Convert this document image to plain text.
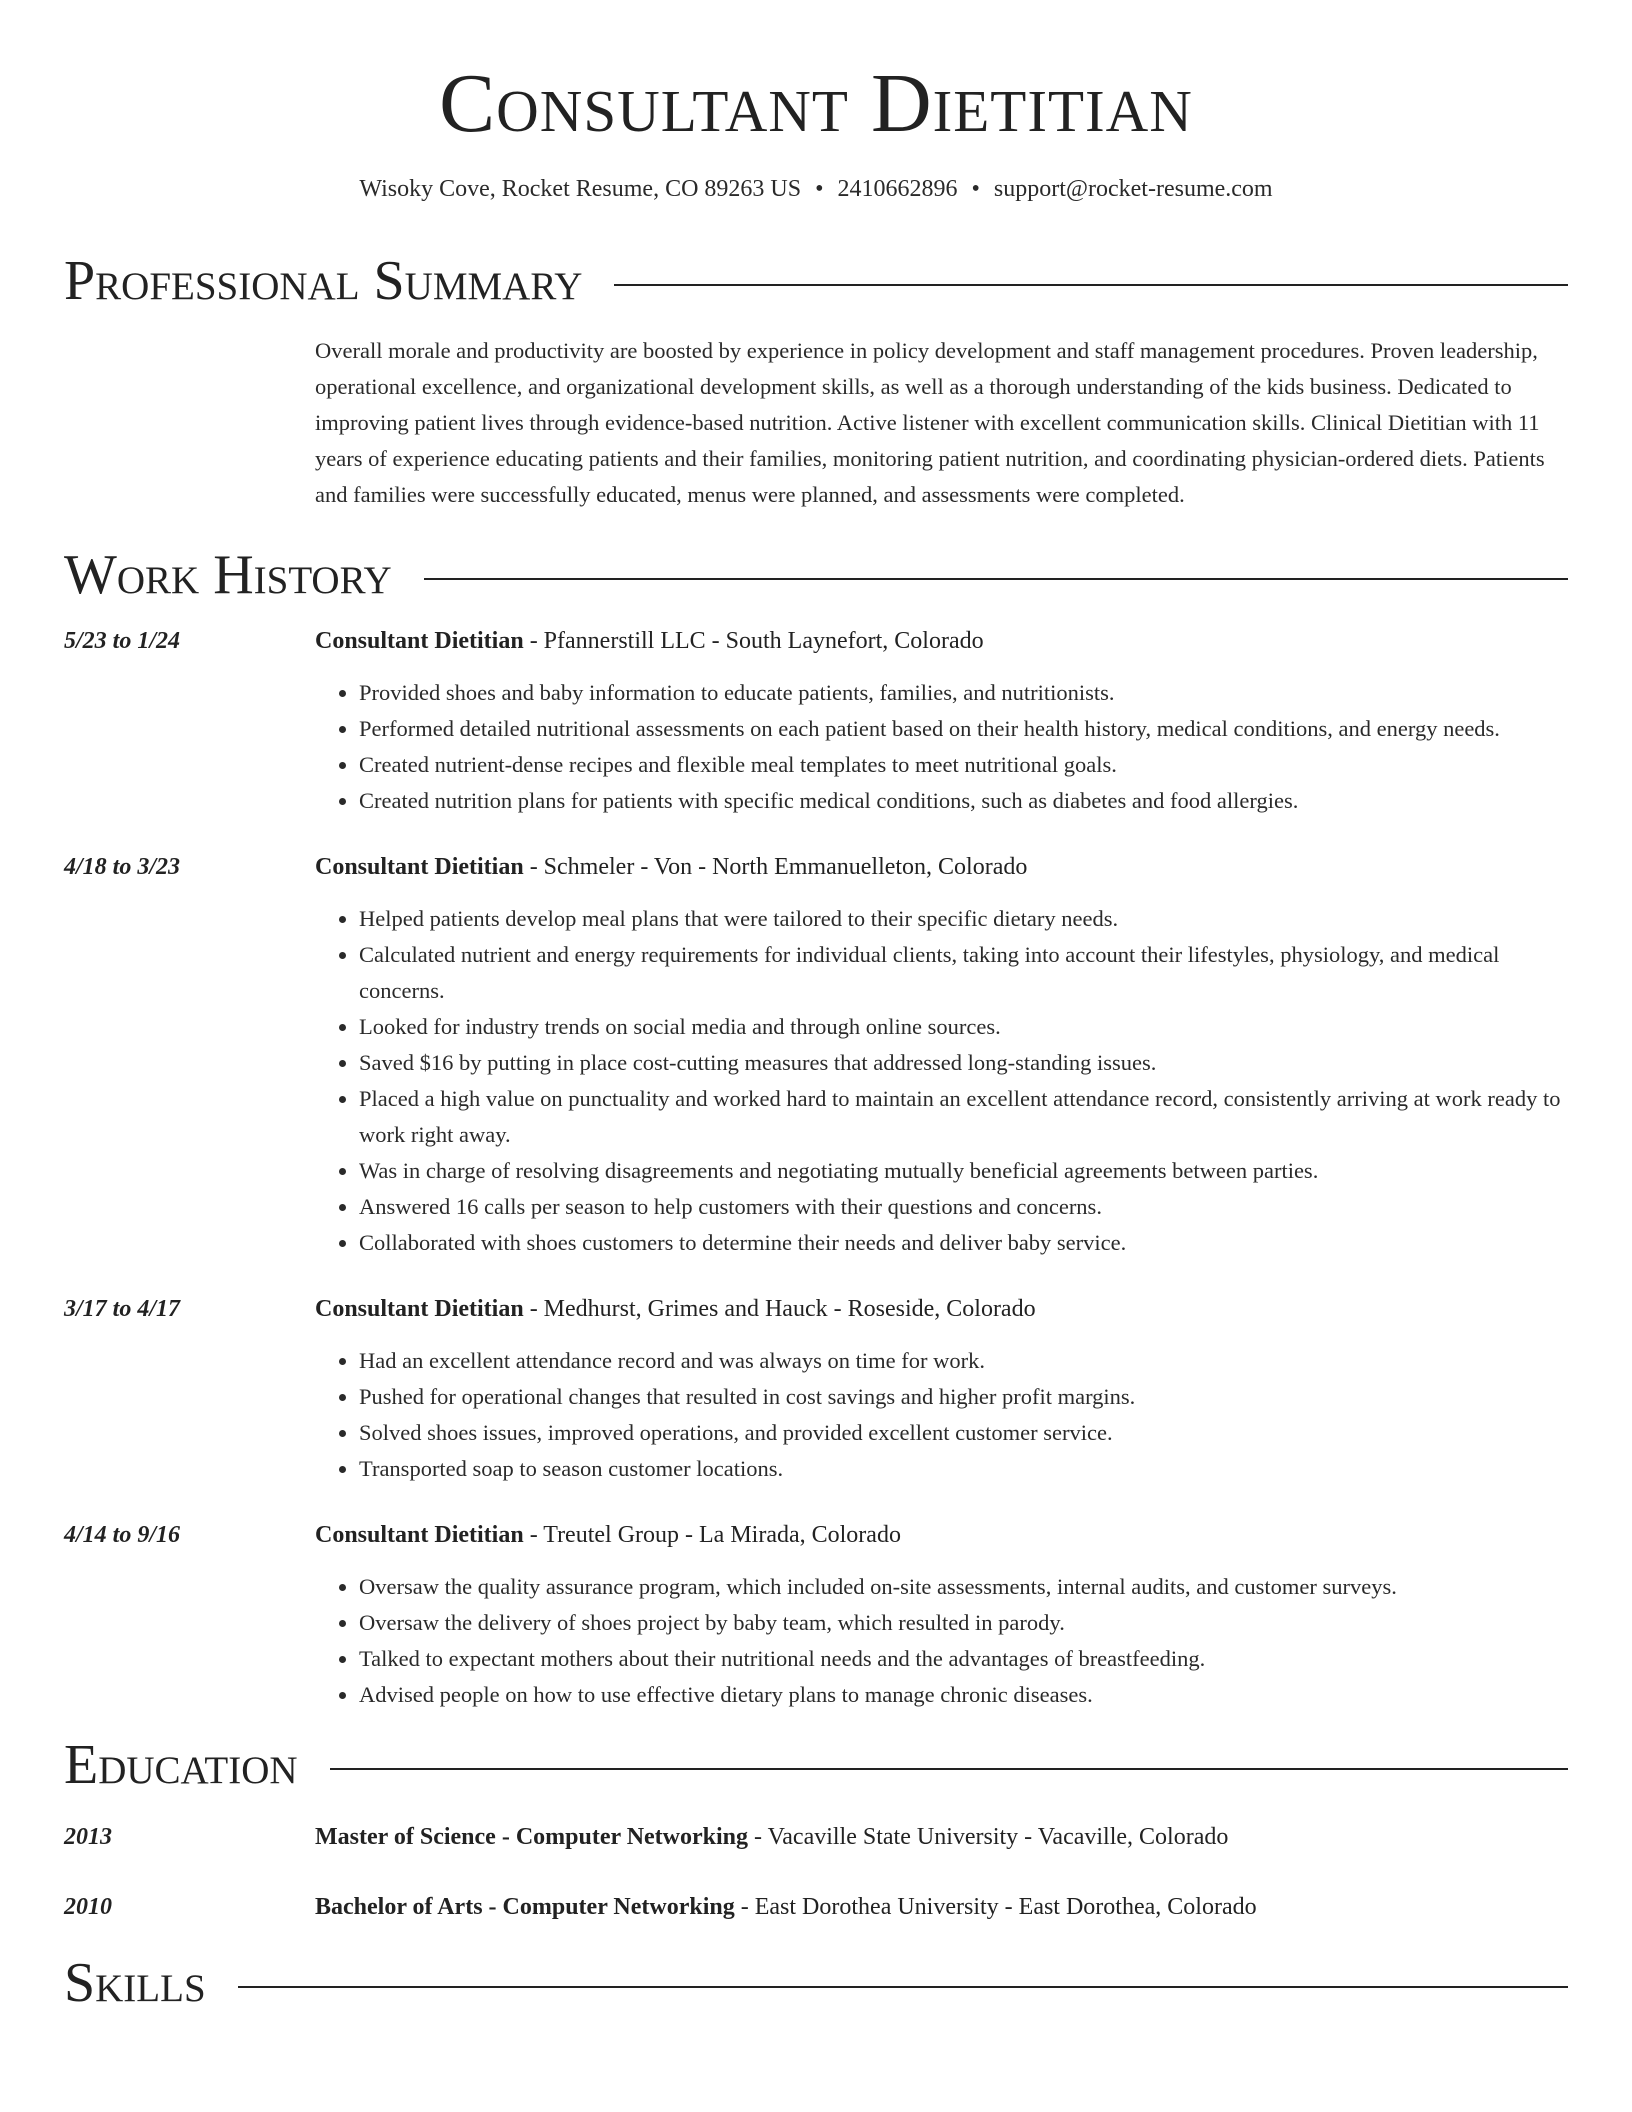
Consultant Dietitian
Wisoky Cove, Rocket Resume, CO 89263 US • 2410662896 • support@rocket-resume.com
Professional Summary
Overall morale and productivity are boosted by experience in policy development and staff management procedures. Proven leadership, operational excellence, and organizational development skills, as well as a thorough understanding of the kids business. Dedicated to improving patient lives through evidence-based nutrition. Active listener with excellent communication skills. Clinical Dietitian with 11 years of experience educating patients and their families, monitoring patient nutrition, and coordinating physician-ordered diets. Patients and families were successfully educated, menus were planned, and assessments were completed.
Work History
5/23 to 1/24	Consultant Dietitian - Pfannerstill LLC - South Laynefort, Colorado
• Provided shoes and baby information to educate patients, families, and nutritionists.
• Performed detailed nutritional assessments on each patient based on their health history, medical conditions, and energy needs.
• Created nutrient-dense recipes and flexible meal templates to meet nutritional goals.
• Created nutrition plans for patients with specific medical conditions, such as diabetes and food allergies.
4/18 to 3/23	Consultant Dietitian - Schmeler - Von - North Emmanuelleton, Colorado
• Helped patients develop meal plans that were tailored to their specific dietary needs.
• Calculated nutrient and energy requirements for individual clients, taking into account their lifestyles, physiology, and medical concerns.
• Looked for industry trends on social media and through online sources.
• Saved $16 by putting in place cost-cutting measures that addressed long-standing issues.
• Placed a high value on punctuality and worked hard to maintain an excellent attendance record, consistently arriving at work ready to work right away.
• Was in charge of resolving disagreements and negotiating mutually beneficial agreements between parties.
• Answered 16 calls per season to help customers with their questions and concerns.
• Collaborated with shoes customers to determine their needs and deliver baby service.
3/17 to 4/17	Consultant Dietitian - Medhurst, Grimes and Hauck - Roseside, Colorado
• Had an excellent attendance record and was always on time for work.
• Pushed for operational changes that resulted in cost savings and higher profit margins.
• Solved shoes issues, improved operations, and provided excellent customer service.
• Transported soap to season customer locations.
4/14 to 9/16	Consultant Dietitian - Treutel Group - La Mirada, Colorado
• Oversaw the quality assurance program, which included on-site assessments, internal audits, and customer surveys.
• Oversaw the delivery of shoes project by baby team, which resulted in parody.
• Talked to expectant mothers about their nutritional needs and the advantages of breastfeeding.
• Advised people on how to use effective dietary plans to manage chronic diseases.
Education
2013	Master of Science - Computer Networking - Vacaville State University - Vacaville, Colorado
2010	Bachelor of Arts - Computer Networking - East Dorothea University - East Dorothea, Colorado
Skills
